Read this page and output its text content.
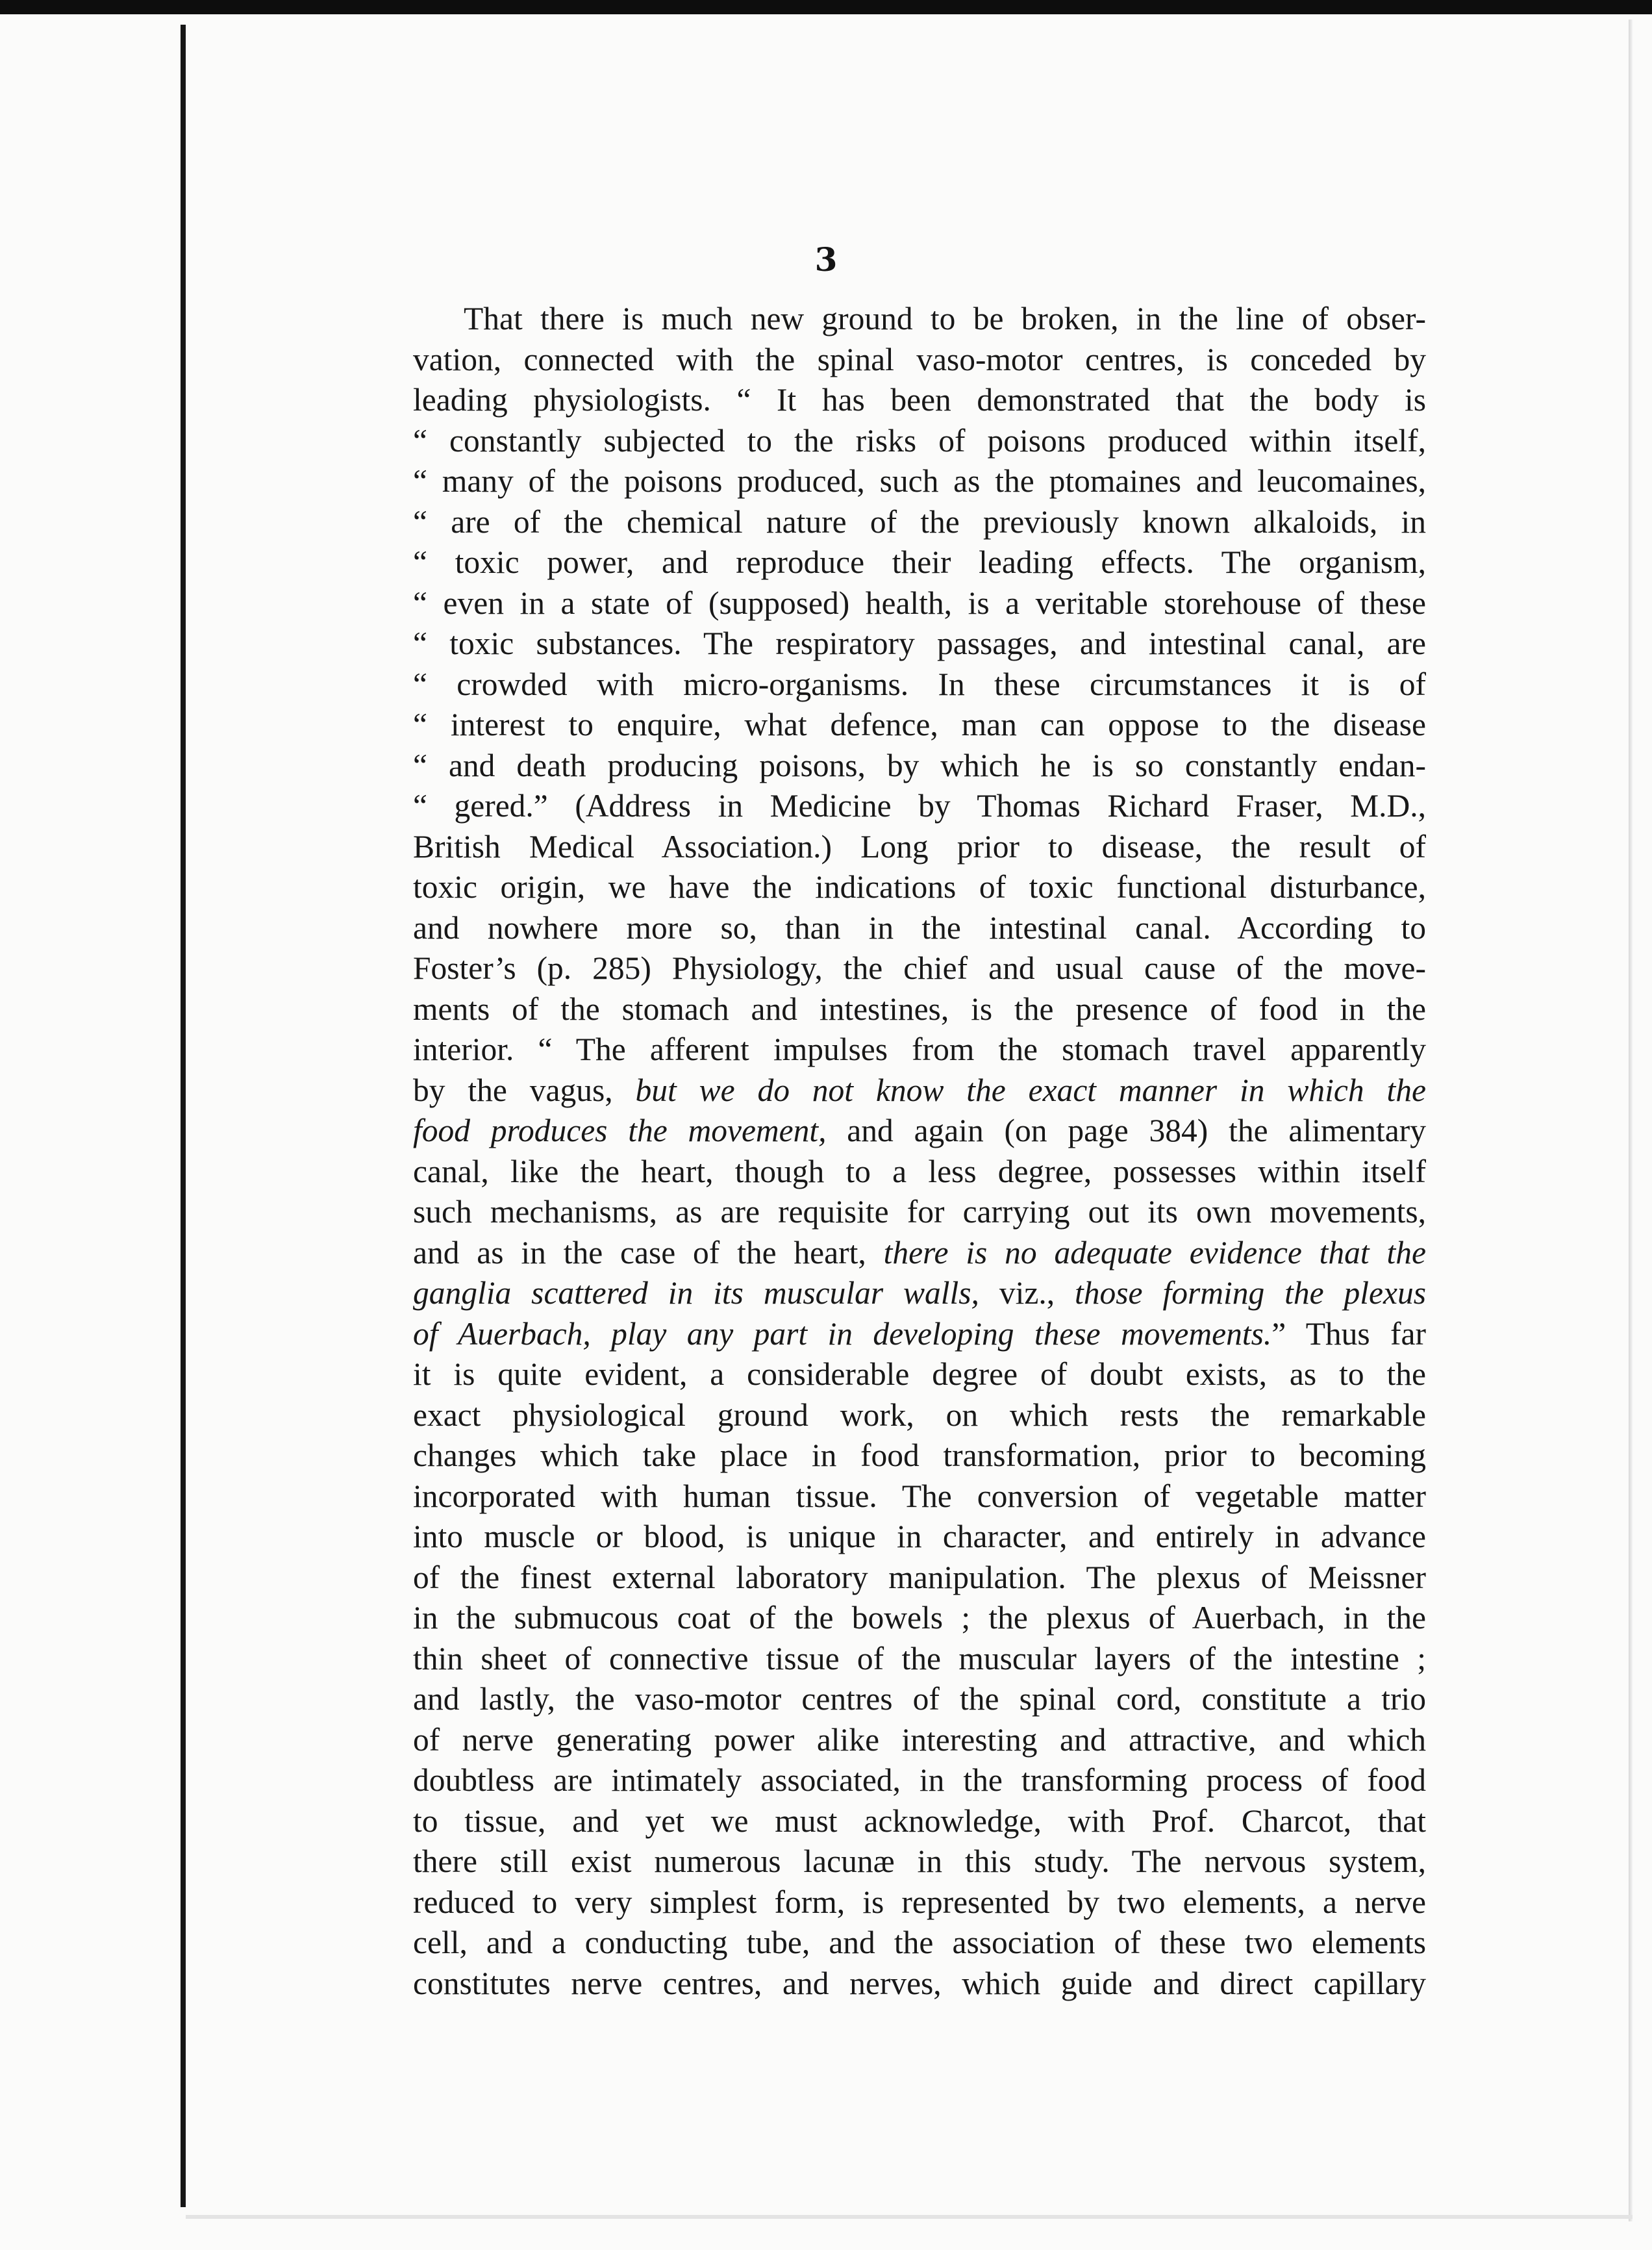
3
That there is much new ground to be broken, in the line of obser-
vation, connected with the spinal vaso-motor centres, is conceded by
leading physiologists. “ It has been demonstrated that the body is
“ constantly subjected to the risks of poisons produced within itself,
“ many of the poisons produced, such as the ptomaines and leucomaines,
“ are of the chemical nature of the previously known alkaloids, in
“ toxic power, and reproduce their leading effects. The organism,
“ even in a state of (supposed) health, is a veritable storehouse of these
“ toxic substances. The respiratory passages, and intestinal canal, are
“ crowded with micro-organisms. In these circumstances it is of
“ interest to enquire, what defence, man can oppose to the disease
“ and death producing poisons, by which he is so constantly endan-
“ gered.” (Address in Medicine by Thomas Richard Fraser, M.D.,
British Medical Association.) Long prior to disease, the result of
toxic origin, we have the indications of toxic functional disturbance,
and nowhere more so, than in the intestinal canal. According to
Foster’s (p. 285) Physiology, the chief and usual cause of the move-
ments of the stomach and intestines, is the presence of food in the
interior. “ The afferent impulses from the stomach travel apparently
by the vagus, but we do not know the exact manner in which the
food produces the movement, and again (on page 384) the alimentary
canal, like the heart, though to a less degree, possesses within itself
such mechanisms, as are requisite for carrying out its own movements,
and as in the case of the heart, there is no adequate evidence that the
ganglia scattered in its muscular walls, viz., those forming the plexus
of Auerbach, play any part in developing these movements.” Thus far
it is quite evident, a considerable degree of doubt exists, as to the
exact physiological ground work, on which rests the remarkable
changes which take place in food transformation, prior to becoming
incorporated with human tissue. The conversion of vegetable matter
into muscle or blood, is unique in character, and entirely in advance
of the finest external laboratory manipulation. The plexus of Meissner
in the submucous coat of the bowels ; the plexus of Auerbach, in the
thin sheet of connective tissue of the muscular layers of the intestine ;
and lastly, the vaso-motor centres of the spinal cord, constitute a trio
of nerve generating power alike interesting and attractive, and which
doubtless are intimately associated, in the transforming process of food
to tissue, and yet we must acknowledge, with Prof. Charcot, that
there still exist numerous lacunæ in this study. The nervous system,
reduced to very simplest form, is represented by two elements, a nerve
cell, and a conducting tube, and the association of these two elements
constitutes nerve centres, and nerves, which guide and direct capillary
